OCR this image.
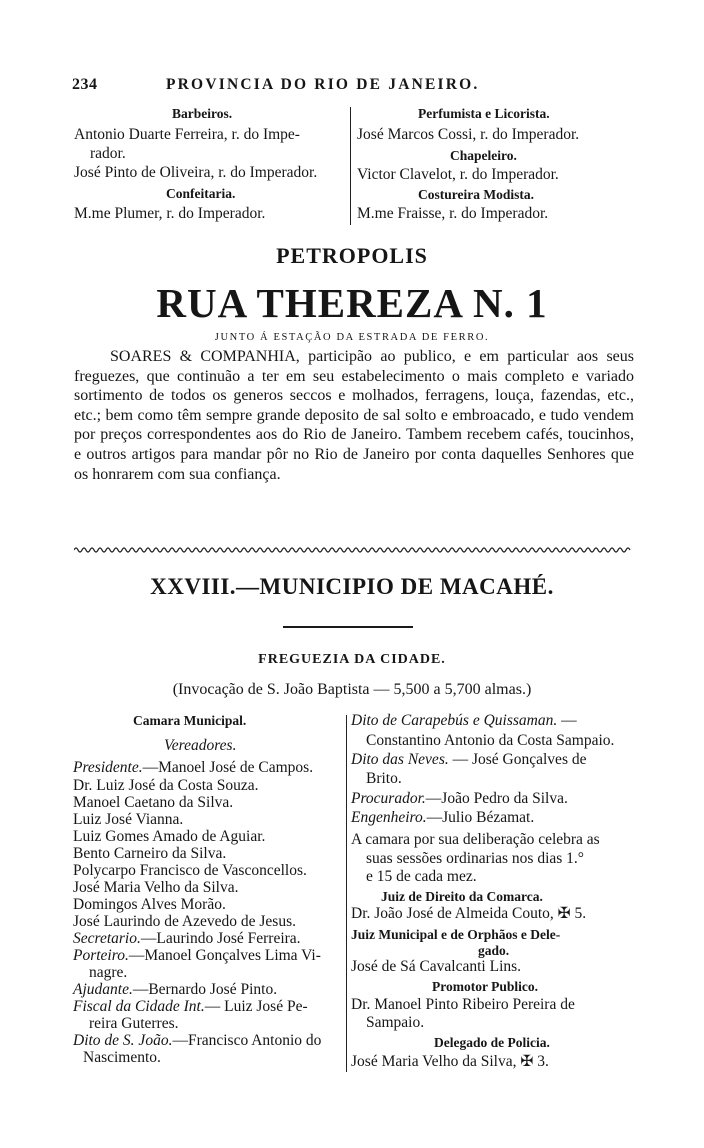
234	PROVINCIA DO RIO DE JANEIRO.
Barbeiros.
Antonio Duarte Ferreira, r. do Impe-
rador.
José Pinto de Oliveira, r. do Imperador.
Confeitaria.
M.me Plumer, r. do Imperador.
Perfumista e Licorista.
José Marcos Cossi, r. do Imperador.
Chapeleiro.
Victor Clavelot, r. do Imperador.
Costureira Modista.
M.me Fraisse, r. do Imperador.
PETROPOLIS
RUA THEREZA N. 1
JUNTO Á ESTAÇÃO DA ESTRADA DE FERRO.
SOARES & COMPANHIA, participão ao publico, e em particular aos seus freguezes, que continuão a ter em seu estabelecimento o mais completo e variado sortimento de todos os generos seccos e molhados, ferragens, louça, fazendas, etc., etc.; bem como têm sempre grande deposito de sal solto e embroacado, e tudo vendem por preços correspondentes aos do Rio de Janeiro. Tambem recebem cafés, toucinhos, e outros artigos para mandar pôr no Rio de Janeiro por conta daquelles Senhores que os honrarem com sua confiança.
XXVIII.—MUNICIPIO DE MACAHÉ.
FREGUEZIA DA CIDADE.
(Invocação de S. João Baptista — 5,500 a 5,700 almas.)
Camara Municipal.
Vereadores.
Presidente.—Manoel José de Campos.
Dr. Luiz José da Costa Souza.
Manoel Caetano da Silva.
Luiz José Vianna.
Luiz Gomes Amado de Aguiar.
Bento Carneiro da Silva.
Polycarpo Francisco de Vasconcellos.
José Maria Velho da Silva.
Domingos Alves Morão.
José Laurindo de Azevedo de Jesus.
Secretario.—Laurindo José Ferreira.
Porteiro.—Manoel Gonçalves Lima Vi-
nagre.
Ajudante.—Bernardo José Pinto.
Fiscal da Cidade Int.— Luiz José Pe-
reira Guterres.
Dito de S. João.—Francisco Antonio do
Nascimento.
Dito de Carapebús e Quissaman. —
Constantino Antonio da Costa Sampaio.
Dito das Neves. — José Gonçalves de
Brito.
Procurador.—João Pedro da Silva.
Engenheiro.—Julio Bézamat.
A camara por sua deliberação celebra as
suas sessões ordinarias nos dias 1.°
e 15 de cada mez.
Juiz de Direito da Comarca.
Dr. João José de Almeida Couto, ✠ 5.
Juiz Municipal e de Orphãos e Dele-
gado.
José de Sá Cavalcanti Lins.
Promotor Publico.
Dr. Manoel Pinto Ribeiro Pereira de
Sampaio.
Delegado de Policia.
José Maria Velho da Silva, ✠ 3.
